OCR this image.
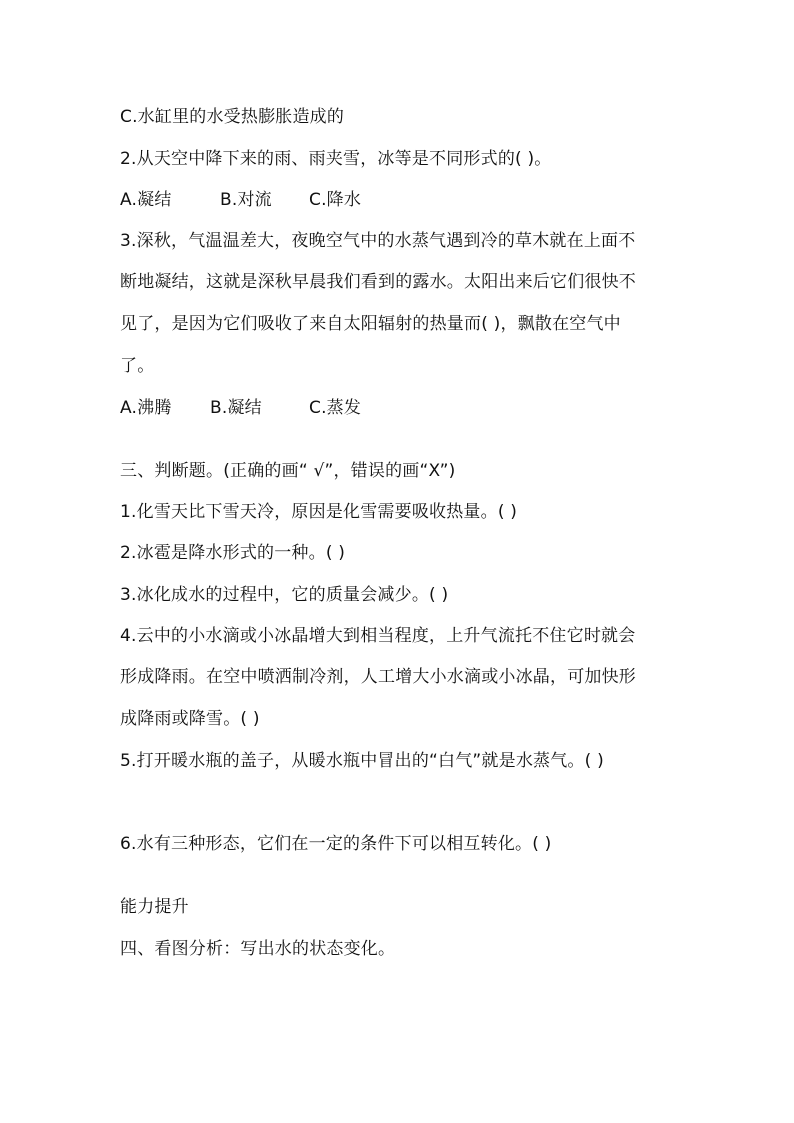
C.水缸里的水受热膨胀造成的
2.从天空中降下来的雨、雨夹雪，冰等是不同形式的( )。
A.凝结	B.对流 C.降水
3.深秋，气温温差大，夜晚空气中的水蒸气遇到冷的草木就在上面不
断地凝结，这就是深秋早晨我们看到的露水。太阳出来后它们很快不
见了，是因为它们吸收了来自太阳辐射的热量而( )，飘散在空气中
了。
A.沸腾 B.凝结	C.蒸发
三、判断题。(正确的画“ √”，错误的画“X”)
1.化雪天比下雪天冷，原因是化雪需要吸收热量。( )
2.冰雹是降水形式的一种。( )
3.冰化成水的过程中，它的质量会减少。( )
4.云中的小水滴或小冰晶增大到相当程度，上升气流托不住它时就会
形成降雨。在空中喷洒制冷剂，人工增大小水滴或小冰晶，可加快形
成降雨或降雪。( )
5.打开暖水瓶的盖子，从暖水瓶中冒出的“白气”就是水蒸气。( )
6.水有三种形态，它们在一定的条件下可以相互转化。( )
能力提升
四、看图分析：写出水的状态变化。
